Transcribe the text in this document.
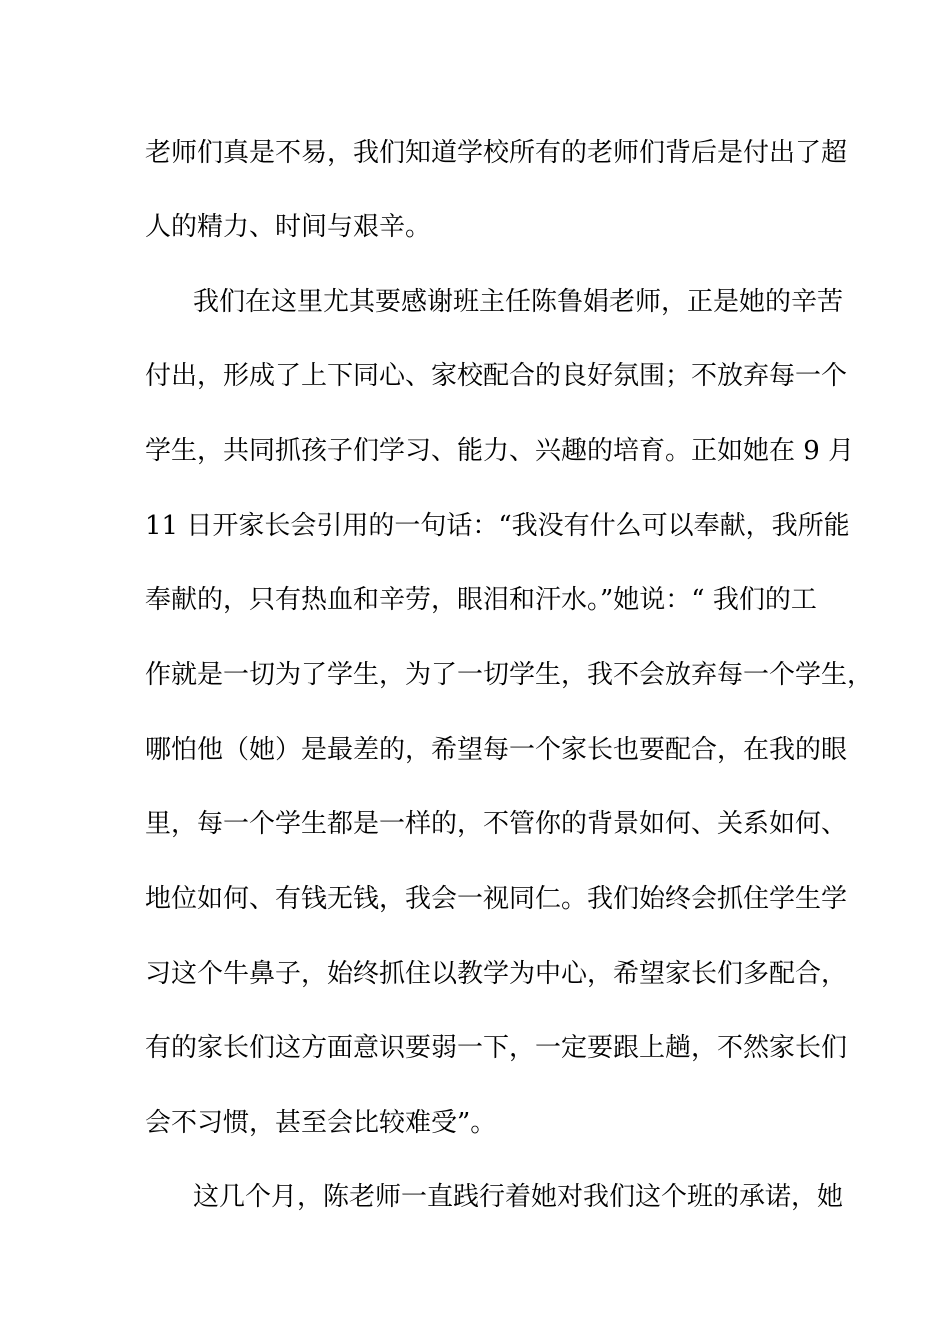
老师们真是不易，我们知道学校所有的老师们背后是付出了超
人的精力、时间与艰辛。
我们在这里尤其要感谢班主任陈鲁娟老师，正是她的辛苦
付出，形成了上下同心、家校配合的良好氛围；不放弃每一个
学生，共同抓孩子们学习、能力、兴趣的培育。正如她在 9 月
11 日开家长会引用的一句话：“我没有什么可以奉献，我所能
奉献的，只有热血和辛劳，眼泪和汗水。”她说：“ 我们的工
作就是一切为了学生，为了一切学生，我不会放弃每一个学生，
哪怕他（她）是最差的，希望每一个家长也要配合，在我的眼
里，每一个学生都是一样的，不管你的背景如何、关系如何、
地位如何、有钱无钱，我会一视同仁。我们始终会抓住学生学
习这个牛鼻子，始终抓住以教学为中心，希望家长们多配合，
有的家长们这方面意识要弱一下，一定要跟上趟，不然家长们
会不习惯，甚至会比较难受”。
这几个月，陈老师一直践行着她对我们这个班的承诺，她
